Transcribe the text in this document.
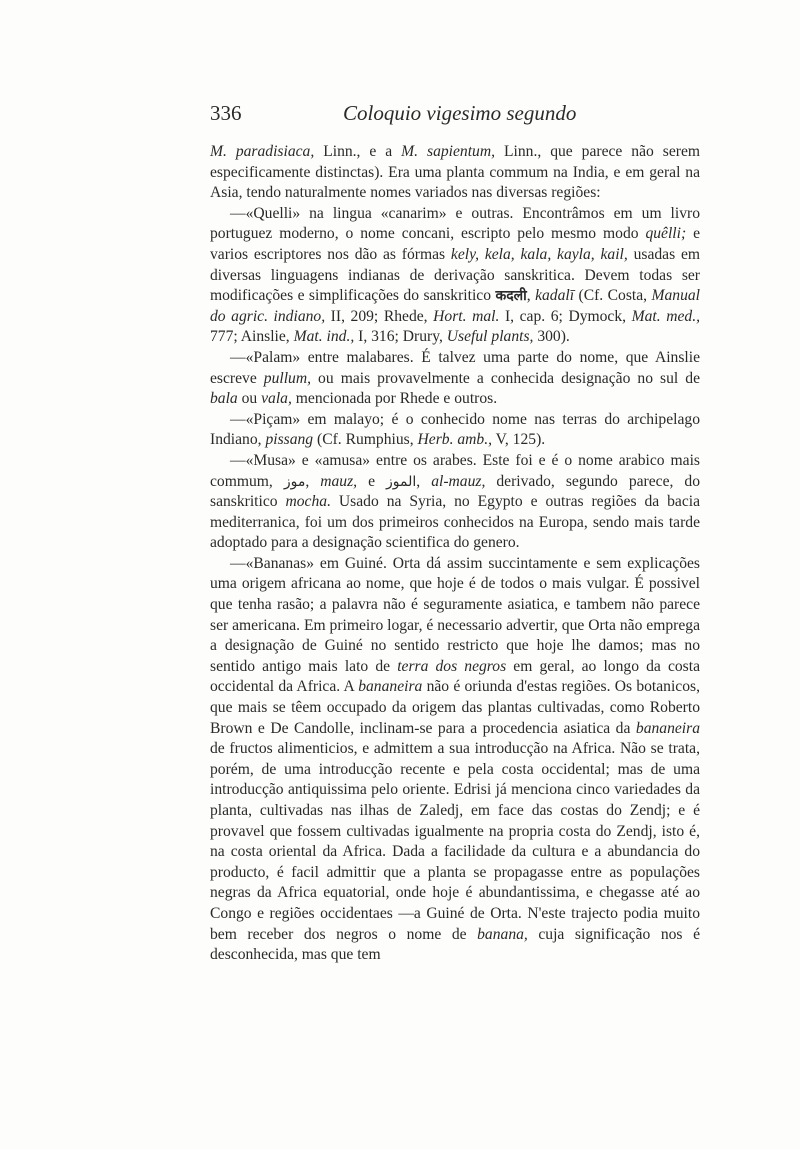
336	Coloquio vigesimo segundo

M. paradisiaca, Linn., e a M. sapientum, Linn., que parece não serem especificamente distinctas). Era uma planta commum na India, e em geral na Asia, tendo naturalmente nomes variados nas diversas regiões:

—«Quelli» na lingua «canarim» e outras. Encontrâmos em um livro portuguez moderno, o nome concani, escripto pelo mesmo modo quêlli; e varios escriptores nos dão as fórmas kely, kela, kala, kayla, kail, usadas em diversas linguagens indianas de derivação sanskritica. Devem todas ser modificações e simplificações do sanskritico कदली, kadalī (Cf. Costa, Manual do agric. indiano, II, 209; Rhede, Hort. mal. I, cap. 6; Dymock, Mat. med., 777; Ainslie, Mat. ind., I, 316; Drury, Useful plants, 300).

—«Palam» entre malabares. É talvez uma parte do nome, que Ainslie escreve pullum, ou mais provavelmente a conhecida designação no sul de bala ou vala, mencionada por Rhede e outros.

—«Piçam» em malayo; é o conhecido nome nas terras do archipelago Indiano, pissang (Cf. Rumphius, Herb. amb., V, 125).

—«Musa» e «amusa» entre os arabes. Este foi e é o nome arabico mais commum, موز, mauz, e الموز, al-mauz, derivado, segundo parece, do sanskritico mocha. Usado na Syria, no Egypto e outras regiões da bacia mediterranica, foi um dos primeiros conhecidos na Europa, sendo mais tarde adoptado para a designação scientifica do genero.

—«Bananas» em Guiné. Orta dá assim succintamente e sem explicações uma origem africana ao nome, que hoje é de todos o mais vulgar. É possivel que tenha rasão; a palavra não é seguramente asiatica, e tambem não parece ser americana. Em primeiro logar, é necessario advertir, que Orta não emprega a designação de Guiné no sentido restricto que hoje lhe damos; mas no sentido antigo mais lato de terra dos negros em geral, ao longo da costa occidental da Africa. A bananeira não é oriunda d'estas regiões. Os botanicos, que mais se têem occupado da origem das plantas cultivadas, como Roberto Brown e De Candolle, inclinam-se para a procedencia asiatica da bananeira de fructos alimenticios, e admittem a sua introducção na Africa. Não se trata, porém, de uma introducção recente e pela costa occidental; mas de uma introducção antiquissima pelo oriente. Edrisi já menciona cinco variedades da planta, cultivadas nas ilhas de Zaledj, em face das costas do Zendj; e é provavel que fossem cultivadas igualmente na propria costa do Zendj, isto é, na costa oriental da Africa. Dada a facilidade da cultura e a abundancia do producto, é facil admittir que a planta se propagasse entre as populações negras da Africa equatorial, onde hoje é abundantissima, e chegasse até ao Congo e regiões occidentaes —a Guiné de Orta. N'este trajecto podia muito bem receber dos negros o nome de banana, cuja significação nos é desconhecida, mas que tem
